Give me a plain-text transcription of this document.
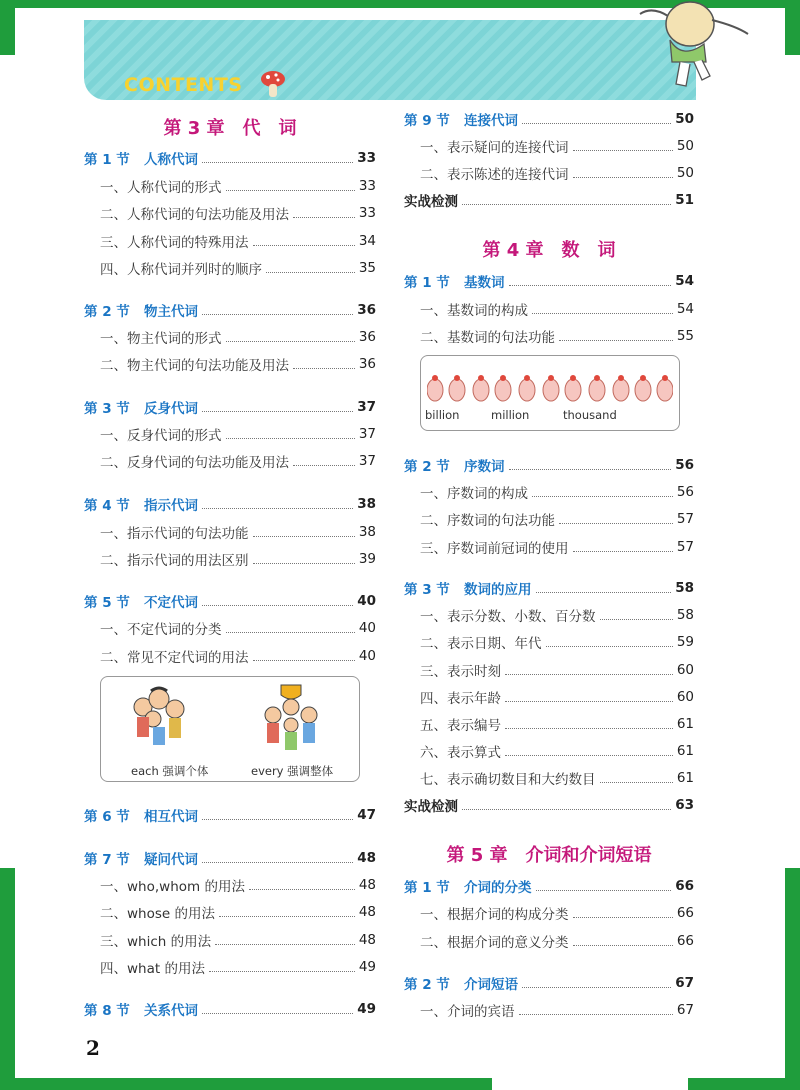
CONTENTS
第 3 章　代　词
第 1 节	人称代词	33
一、人称代词的形式	33
二、人称代词的句法功能及用法	33
三、人称代词的特殊用法	34
四、人称代词并列时的顺序	35
第 2 节	物主代词	36
一、物主代词的形式	36
二、物主代词的句法功能及用法	36
第 3 节	反身代词	37
一、反身代词的形式	37
二、反身代词的句法功能及用法	37
第 4 节	指示代词	38
一、指示代词的句法功能	38
二、指示代词的用法区别	39
第 5 节	不定代词	40
一、不定代词的分类	40
二、常见不定代词的用法	40
第 6 节	相互代词	47
第 7 节	疑问代词	48
一、who,whom 的用法	48
二、whose 的用法	48
三、which 的用法	48
四、what 的用法	49
第 8 节	关系代词	49
第 9 节	连接代词	50
一、表示疑问的连接代词	50
二、表示陈述的连接代词	50
实战检测	51
第 4 章　数　词
第 1 节	基数词	54
一、基数词的构成	54
二、基数词的句法功能	55
第 2 节	序数词	56
一、序数词的构成	56
二、序数词的句法功能	57
三、序数词前冠词的使用	57
第 3 节	数词的应用	58
一、表示分数、小数、百分数	58
二、表示日期、年代	59
三、表示时刻	60
四、表示年龄	60
五、表示编号	61
六、表示算式	61
七、表示确切数目和大约数目	61
实战检测	63
第 5 章　介词和介词短语
第 1 节	介词的分类	66
一、根据介词的构成分类	66
二、根据介词的意义分类	66
第 2 节	介词短语	67
一、介词的宾语	67
each 强调个体	every 强调整体
billion	million	thousand
2
